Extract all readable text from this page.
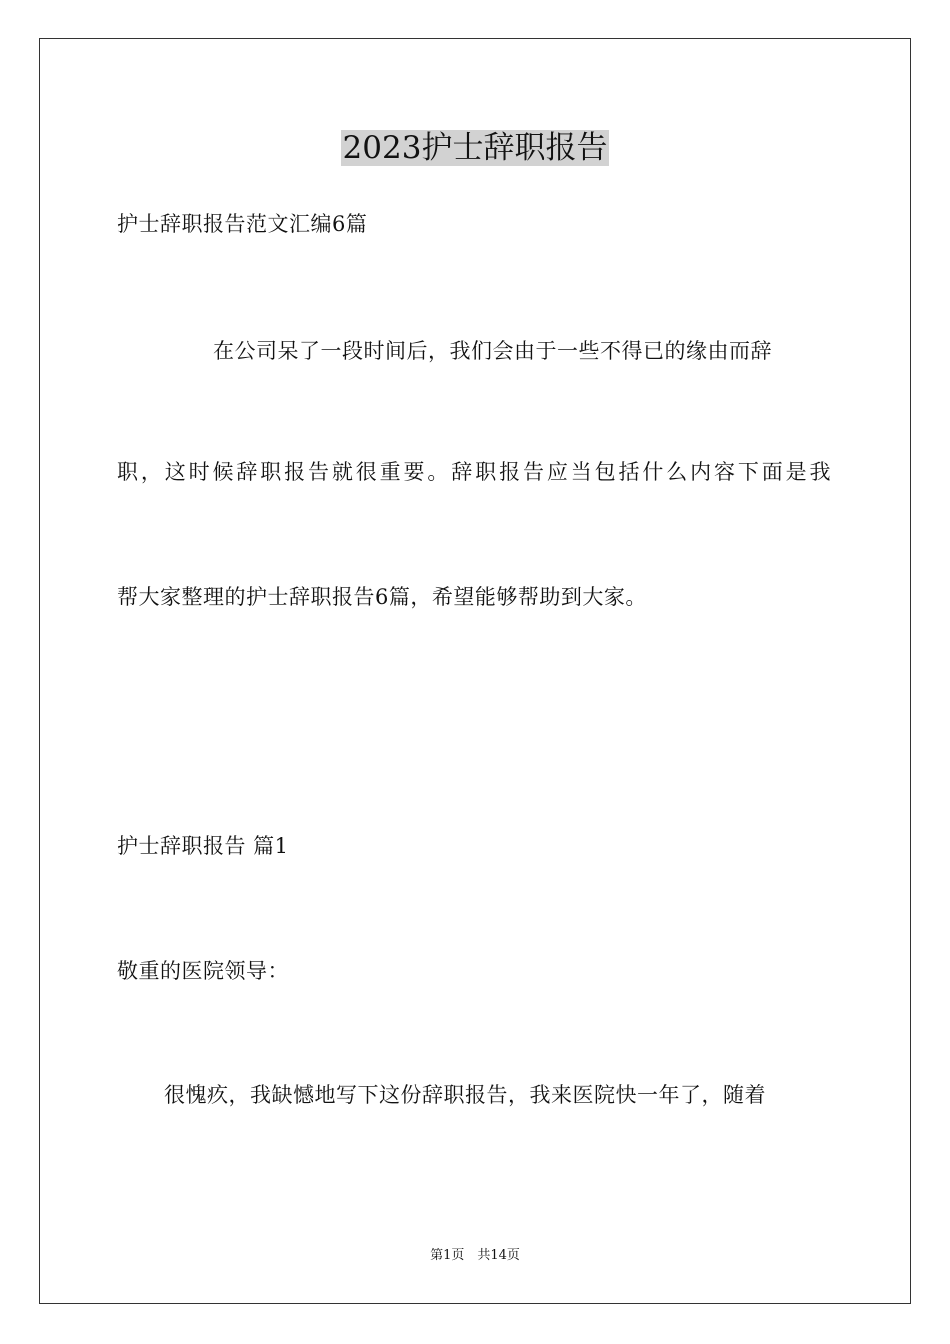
2023护士辞职报告
护士辞职报告范文汇编6篇
在公司呆了一段时间后，我们会由于一些不得已的缘由而辞
职，这时候辞职报告就很重要。辞职报告应当包括什么内容下面是我
帮大家整理的护士辞职报告6篇，希望能够帮助到大家。
护士辞职报告 篇1
敬重的医院领导：
很愧疚，我缺憾地写下这份辞职报告，我来医院快一年了，随着
第1页　共14页
